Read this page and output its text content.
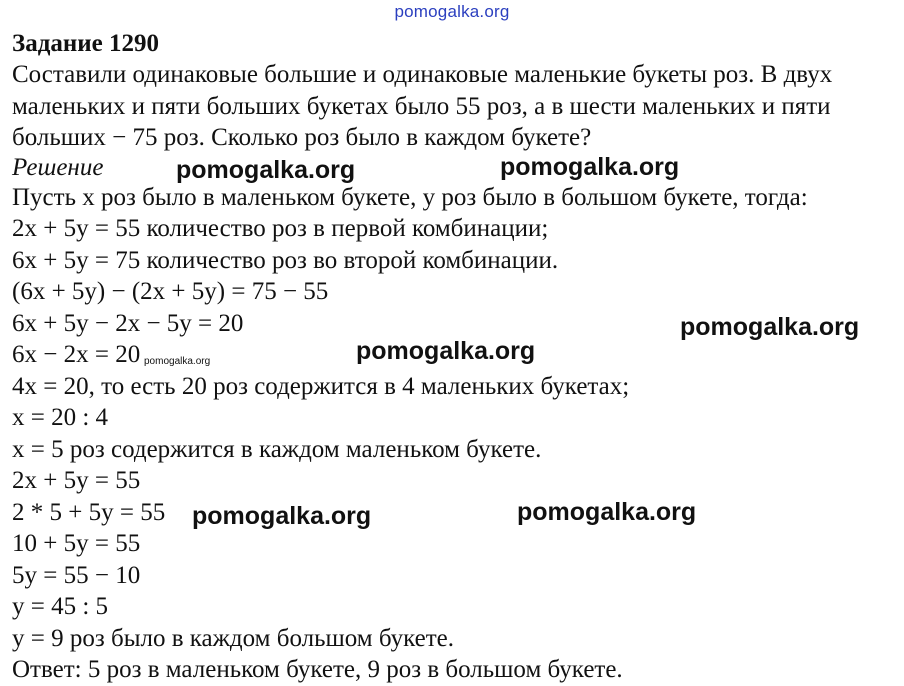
pomogalka.org
Задание 1290
Составили одинаковые большие и одинаковые маленькие букеты роз. В двух
маленьких и пяти больших букетах было 55 роз, а в шести маленьких и пяти
больших − 75 роз. Сколько роз было в каждом букете?
Решение
Пусть х роз было в маленьком букете, у роз было в большом букете, тогда:
2х + 5у = 55 количество роз в первой комбинации;
6х + 5у = 75 количество роз во второй комбинации.
(6х + 5у) − (2х + 5у) = 75 − 55
6х + 5у − 2х − 5у = 20
6х − 2х = 20
4х = 20, то есть 20 роз содержится в 4 маленьких букетах;
х = 20 : 4
х = 5 роз содержится в каждом маленьком букете.
2х + 5у = 55
2 * 5 + 5у = 55
10 + 5у = 55
5у = 55 − 10
у = 45 : 5
у = 9 роз было в каждом большом букете.
Ответ: 5 роз в маленьком букете, 9 роз в большом букете.
pomogalka.org	pomogalka.org
pomogalka.org
pomogalka.org
pomogalka.org	pomogalka.org
pomogalka.org
